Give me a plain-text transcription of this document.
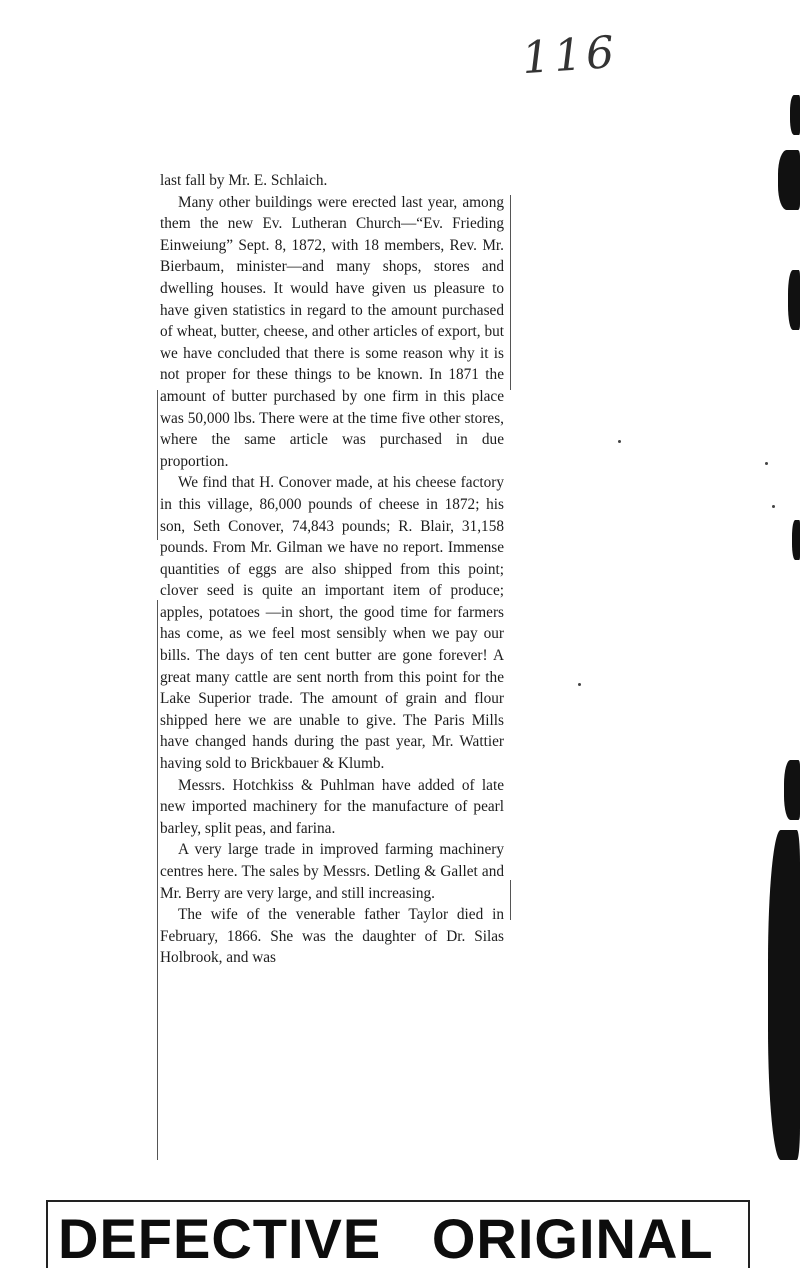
116

last fall by Mr. E. Schlaich.

Many other buildings were erected last year, among them the new Ev. Lutheran Church—“Ev. Frieding Einweiung” Sept. 8, 1872, with 18 members, Rev. Mr. Bierbaum, minister—and many shops, stores and dwelling houses. It would have given us pleasure to have given statistics in regard to the amount purchased of wheat, butter, cheese, and other articles of export, but we have concluded that there is some reason why it is not proper for these things to be known. In 1871 the amount of butter purchased by one firm in this place was 50,000 lbs. There were at the time five other stores, where the same article was purchased in due proportion.

We find that H. Conover made, at his cheese factory in this village, 86,000 pounds of cheese in 1872; his son, Seth Conover, 74,843 pounds; R. Blair, 31,158 pounds. From Mr. Gilman we have no report. Immense quantities of eggs are also shipped from this point; clover seed is quite an important item of produce; apples, potatoes —in short, the good time for farmers has come, as we feel most sensibly when we pay our bills. The days of ten cent butter are gone forever! A great many cattle are sent north from this point for the Lake Superior trade. The amount of grain and flour shipped here we are unable to give. The Paris Mills have changed hands during the past year, Mr. Wattier having sold to Brickbauer & Klumb.

Messrs. Hotchkiss & Puhlman have added of late new imported machinery for the manufacture of pearl barley, split peas, and farina.

A very large trade in improved farming machinery centres here. The sales by Messrs. Detling & Gallet and Mr. Berry are very large, and still increasing.

The wife of the venerable father Taylor died in February, 1866. She was the daughter of Dr. Silas Holbrook, and was

DEFECTIVE ORIGINAL
